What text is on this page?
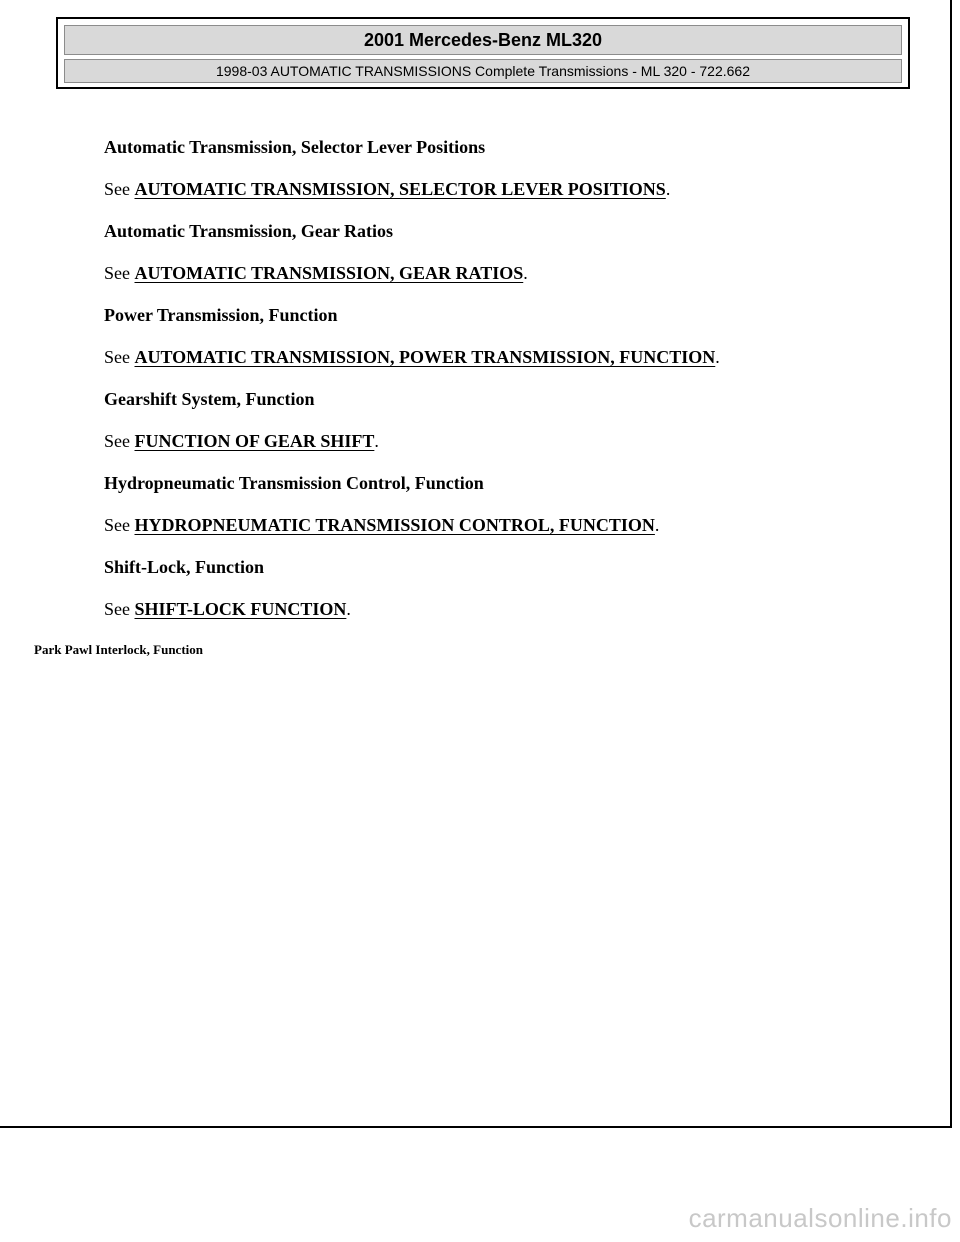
2001 Mercedes-Benz ML320
1998-03 AUTOMATIC TRANSMISSIONS Complete Transmissions - ML 320 - 722.662
Automatic Transmission, Selector Lever Positions
See AUTOMATIC TRANSMISSION, SELECTOR LEVER POSITIONS.
Automatic Transmission, Gear Ratios
See AUTOMATIC TRANSMISSION, GEAR RATIOS.
Power Transmission, Function
See AUTOMATIC TRANSMISSION, POWER TRANSMISSION, FUNCTION.
Gearshift System, Function
See FUNCTION OF GEAR SHIFT.
Hydropneumatic Transmission Control, Function
See HYDROPNEUMATIC TRANSMISSION CONTROL, FUNCTION.
Shift-Lock, Function
See SHIFT-LOCK FUNCTION.
Park Pawl Interlock, Function
carmanualsonline.info
